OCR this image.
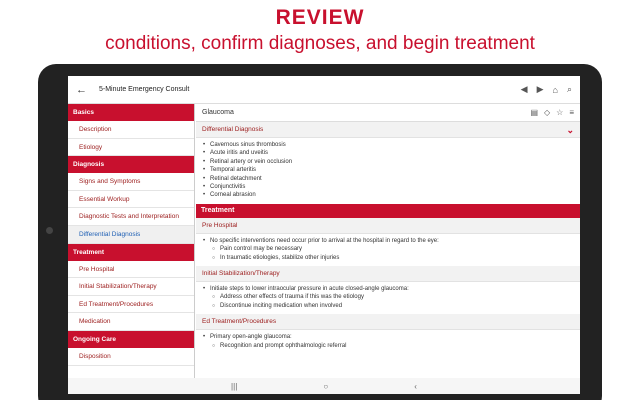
REVIEW
conditions, confirm diagnoses, and begin treatment
← 5-Minute Emergency Consult	◀ ▶ ⌂ ⌕
Basics
Description
Etiology
Diagnosis
Signs and Symptoms
Essential Workup
Diagnostic Tests and Interpretation
Differential Diagnosis
Treatment
Pre Hospital
Initial Stabilization/Therapy
Ed Treatment/Procedures
Medication
Ongoing Care
Disposition
Glaucoma	▤ ◇ ☆ ≡
Differential Diagnosis	⌄
• Cavernous sinus thrombosis
• Acute iritis and uveitis
• Retinal artery or vein occlusion
• Temporal arteritis
• Retinal detachment
• Conjunctivitis
• Corneal abrasion
Treatment
Pre Hospital
• No specific interventions need occur prior to arrival at the hospital in regard to the eye:
○ Pain control may be necessary
○ In traumatic etiologies, stabilize other injuries
Initial Stabilization/Therapy
• Initiate steps to lower intraocular pressure in acute closed-angle glaucoma:
○ Address other effects of trauma if this was the etiology
○ Discontinue inciting medication when involved
Ed Treatment/Procedures
• Primary open-angle glaucoma:
○ Recognition and prompt ophthalmologic referral
|||	○	‹
